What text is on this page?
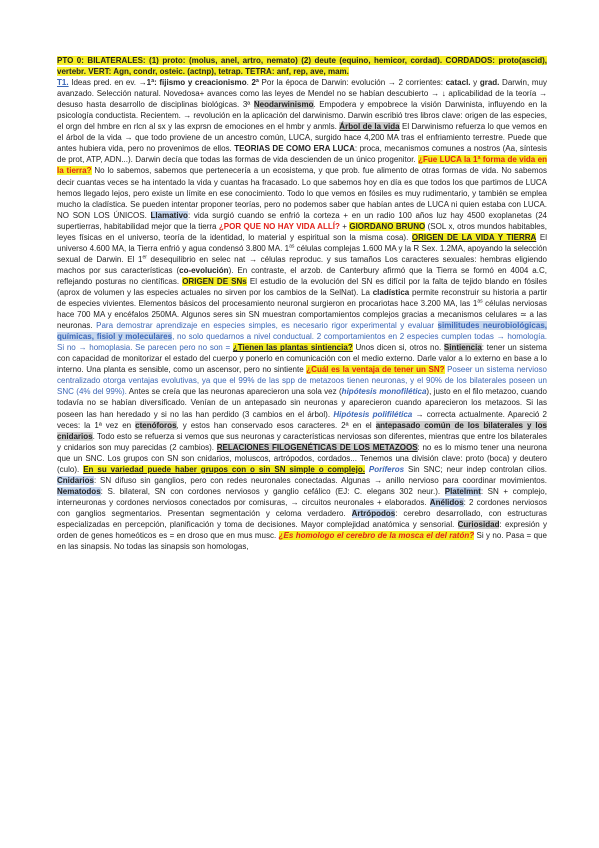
PTO 0: BILATERALES: (1) proto: (molus, anel, artro, nemato) (2) deute (equino, hemicor, cordad). CORDADOS: proto(ascid), vertebr. VERT: Agn, condr, osteic. (actnp), tetrap. TETRA: anf, rep, ave, mam.

T1. Ideas pred. en ev. →1ª: fijismo y creacionismo. 2ª Por la época de Darwin: evolución → 2 corrientes: catacl. y grad. Darwin, muy avanzado. Selección natural. Novedosa+ avances como las leyes de Mendel no se habían descubierto → ↓ aplicabilidad de la teoría → desuso hasta desarrollo de disciplinas biológicas. 3ª Neodarwinismo. Empodera y empobrece la visión Darwinista, influyendo en la psicología conductista. Recientem. → revolución en la aplicación del darwinismo. Darwin escribió tres libros clave: origen de las especies, el orgn del hmbre en rlcn al sx y las exprsn de emociones en el hmbr y anmls. Árbol de la vida El Darwinismo refuerza lo que vemos en el árbol de la vida → que todo proviene de un ancestro común, LUCA, surgido hace 4,200 MA tras el enfriamiento terrestre. Puede que antes hubiera vida, pero no provenimos de ellos. TEORIAS DE COMO ERA LUCA: proca, mecanismos comunes a nostros (Aa, síntesis de prot, ATP, ADN...). Darwin decía que todas las formas de vida descienden de un único progenitor. ¿Fue LUCA la 1ª forma de vida en la tierra? No lo sabemos, sabemos que pertenecería a un ecosistema, y que prob. fue alimento de otras formas de vida. No sabemos decir cuantas veces se ha intentado la vida y cuantas ha fracasado. Lo que sabemos hoy en día es que todos los que partimos de LUCA hemos llegado lejos, pero existe un límite en ese conocimiento. Todo lo que vemos en fósiles es muy rudimentario, y también se emplea mucho la cladística. Se pueden intentar proponer teorías, pero no podemos saber que habían antes de LUCA ni quien estaba con LUCA. NO SON LOS ÚNICOS. Llamativo: vida surgió cuando se enfrió la corteza + en un radio 100 años luz hay 4500 exoplanetas (24 supertierras, habitabilidad mejor que la tierra ¿POR QUE NO HAY VIDA ALLÍ? + GIORDANO BRUNO (SOL x, otros mundos habitables, leyes físicas en el universo, teoría de la identidad, lo material y espiritual son la misma cosa). ORIGEN DE LA VIDA Y TIERRA El universo 4.600 MA, la Tierra enfrió y agua condensó 3.800 MA. $1^{as}$ células complejas 1.600 MA y la R Sex. 1.2MA, apoyando la selección sexual de Darwin. El 1er desequilibrio en selec nat → células reproduc. y sus tamaños Los caracteres sexuales: hembras eligiendo machos por sus características (co-evolución). En contraste, el arzob. de Canterbury afirmó que la Tierra se formó en 4004 a.C, reflejando posturas no científicas. ORIGEN DE SNs El estudio de la evolución del SN es difícil por la falta de tejido blando en fósiles (aprox de volumen y las especies actuales no sirven por los cambios de la SelNat). La cladística permite reconstruir su historia a partir de especies vivientes. Elementos básicos del procesamiento neuronal surgieron en procariotas hace 3.200 MA, las $1^{as}$ células nerviosas hace 700 MA y encéfalos 250MA. Algunos seres sin SN muestran comportamientos complejos gracias a mecanismos celulares ≃ a las neuronas. Para demostrar aprendizaje en especies simples, es necesario rigor experimental y evaluar similitudes neurobiológicas, químicas, fisiol y moleculares, no solo quedarnos a nivel conductual. 2 comportamientos en 2 especies cumplen todas → homología. Si no → homoplasia. Se parecen pero no son = ¿Tienen las plantas sintiencia? Unos dicen si, otros no. Sintiencia: tener un sistema con capacidad de monitorizar el estado del cuerpo y ponerlo en comunicación con el medio externo. Darle valor a lo externo en base a lo interno. Una planta es sensible, como un ascensor, pero no sintiente ¿Cuál es la ventaja de tener un SN? Poseer un sistema nervioso centralizado otorga ventajas evolutivas, ya que el 99% de las spp de metazoos tienen neuronas, y el 90% de los bilaterales poseen un SNC (4% del 99%). Antes se creía que las neuronas aparecieron una sola vez (hipótesis monofilética), justo en el filo metazoo, cuando todavía no se habían diversificado. Venían de un antepasado sin neuronas y aparecieron cuando aparecieron los metazoos. Si las poseen las han heredado y si no las han perdido (3 cambios en el árbol). Hipótesis polifilética → correcta actualmente. Apareció 2 veces: la 1ª vez en ctenóforos, y estos han conservado esos caracteres. 2ª en el antepasado común de los bilaterales y los cnidarios. Todo esto se refuerza si vemos que sus neuronas y características nerviosas son diferentes, mientras que entre los bilaterales y cnidarios son muy parecidas (2 cambios). RELACIONES FILOGENÉTICAS DE LOS METAZOOS: no es lo mismo tener una neurona que un SNC. Los grupos con SN son cnidarios, moluscos, artrópodos, cordados... Tenemos una división clave: proto (boca) y deutero (culo). En su variedad puede haber grupos con o sin SN simple o complejo. Poríferos Sin SNC; neur indep controlan cilios. Cnidarios: SN difuso sin ganglios, pero con redes neuronales conectadas. Algunas → anillo nervioso para coordinar movimientos. Nematodos: S. bilateral, SN con cordones nerviosos y ganglio cefálico (EJ: C. elegans 302 neur.). Platelmnt: SN + complejo, interneuronas y cordones nerviosos conectados por comisuras, → circuitos neuronales + elaborados. Anélidos: 2 cordones nerviosos con ganglios segmentarios. Presentan segmentación y celoma verdadero. Artrópodos: cerebro desarrollado, con estructuras especializadas en percepción, planificación y toma de decisiones. Mayor complejidad anatómica y sensorial. Curiosidad: expresión y orden de genes homeóticos es = en droso que en mus musc. ¿Es homologo el cerebro de la mosca el del ratón? Si y no. Pasa = que en las sinapsis. No todas las sinapsis son homologas,
